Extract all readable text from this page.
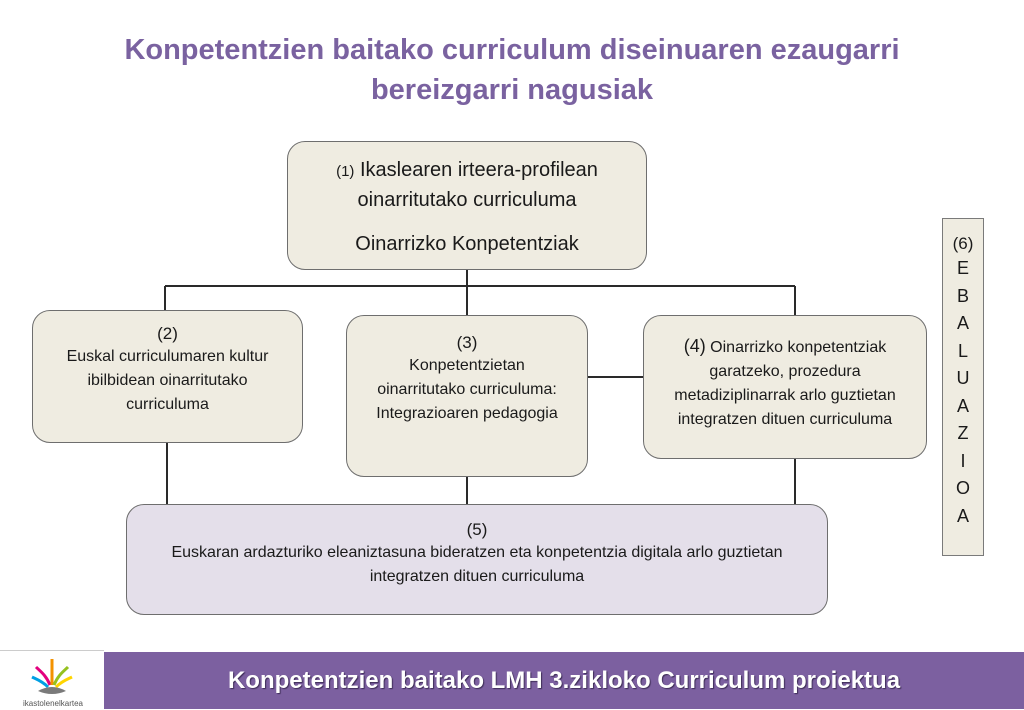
Konpetentzien baitako curriculum diseinuaren ezaugarri
bereizgarri nagusiak
(1) Ikaslearen irteera-profilean
oinarritutako curriculuma
Oinarrizko Konpetentziak
(2)
Euskal curriculumaren kultur
ibilbidean oinarritutako
curriculuma
(3)
Konpetentzietan
oinarritutako curriculuma:
Integrazioaren pedagogia
(4) Oinarrizko konpetentziak
garatzeko, prozedura
metadiziplinarrak arlo guztietan
integratzen dituen curriculuma
(5)
Euskaran ardazturiko eleaniztasuna bideratzen eta konpetentzia digitala arlo guztietan
integratzen dituen curriculuma
(6)
E
B
A
L
U
A
Z
I
O
A
ikastolenelkartea
Konpetentzien baitako LMH 3.zikloko Curriculum proiektua
